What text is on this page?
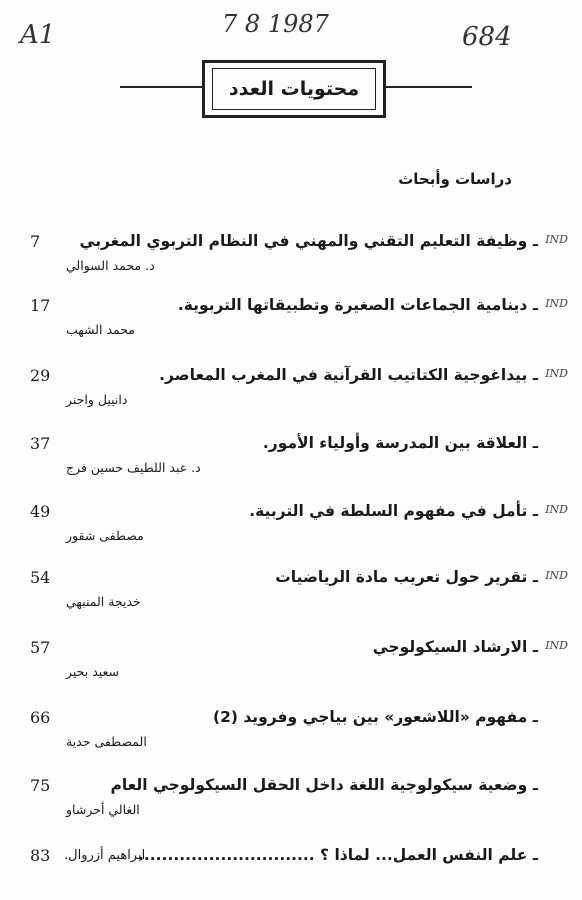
A1	7 8 1987	684
محتويات العدد
دراسات وأبحاث
7	IND
ـ وظيفة التعليم التقني والمهني في النظام التربوي المغربي
د. محمد السوالي
17	IND
ـ دينامية الجماعات الصغيرة وتطبيقاتها التربوية.
محمد الشهب
29	IND
ـ بيداغوجية الكتاتيب القرآنية في المغرب المعاصر.
دانييل واجنر
37	ـ العلاقة بين المدرسة وأولياء الأمور.
د. عبد اللطيف حسين فرج
49	IND
ـ تأمل في مفهوم السلطة في التربية.
مصطفى شقور
54	IND
ـ تقرير حول تعريب مادة الرياضيات
خديجة المنبهي
57	IND
ـ الارشاد السيكولوجي
سعيد بحير
66	ـ مفهوم «اللاشعور» بين بياجي وفرويد (2)
المصطفى حدية
75	ـ وضعية سيكولوجية اللغة داخل الحقل السيكولوجي العام
الغالي أحرشاو
83	ـ علم النفس العمل... لماذا ؟ ..............................
ابراهيم أزروال.
